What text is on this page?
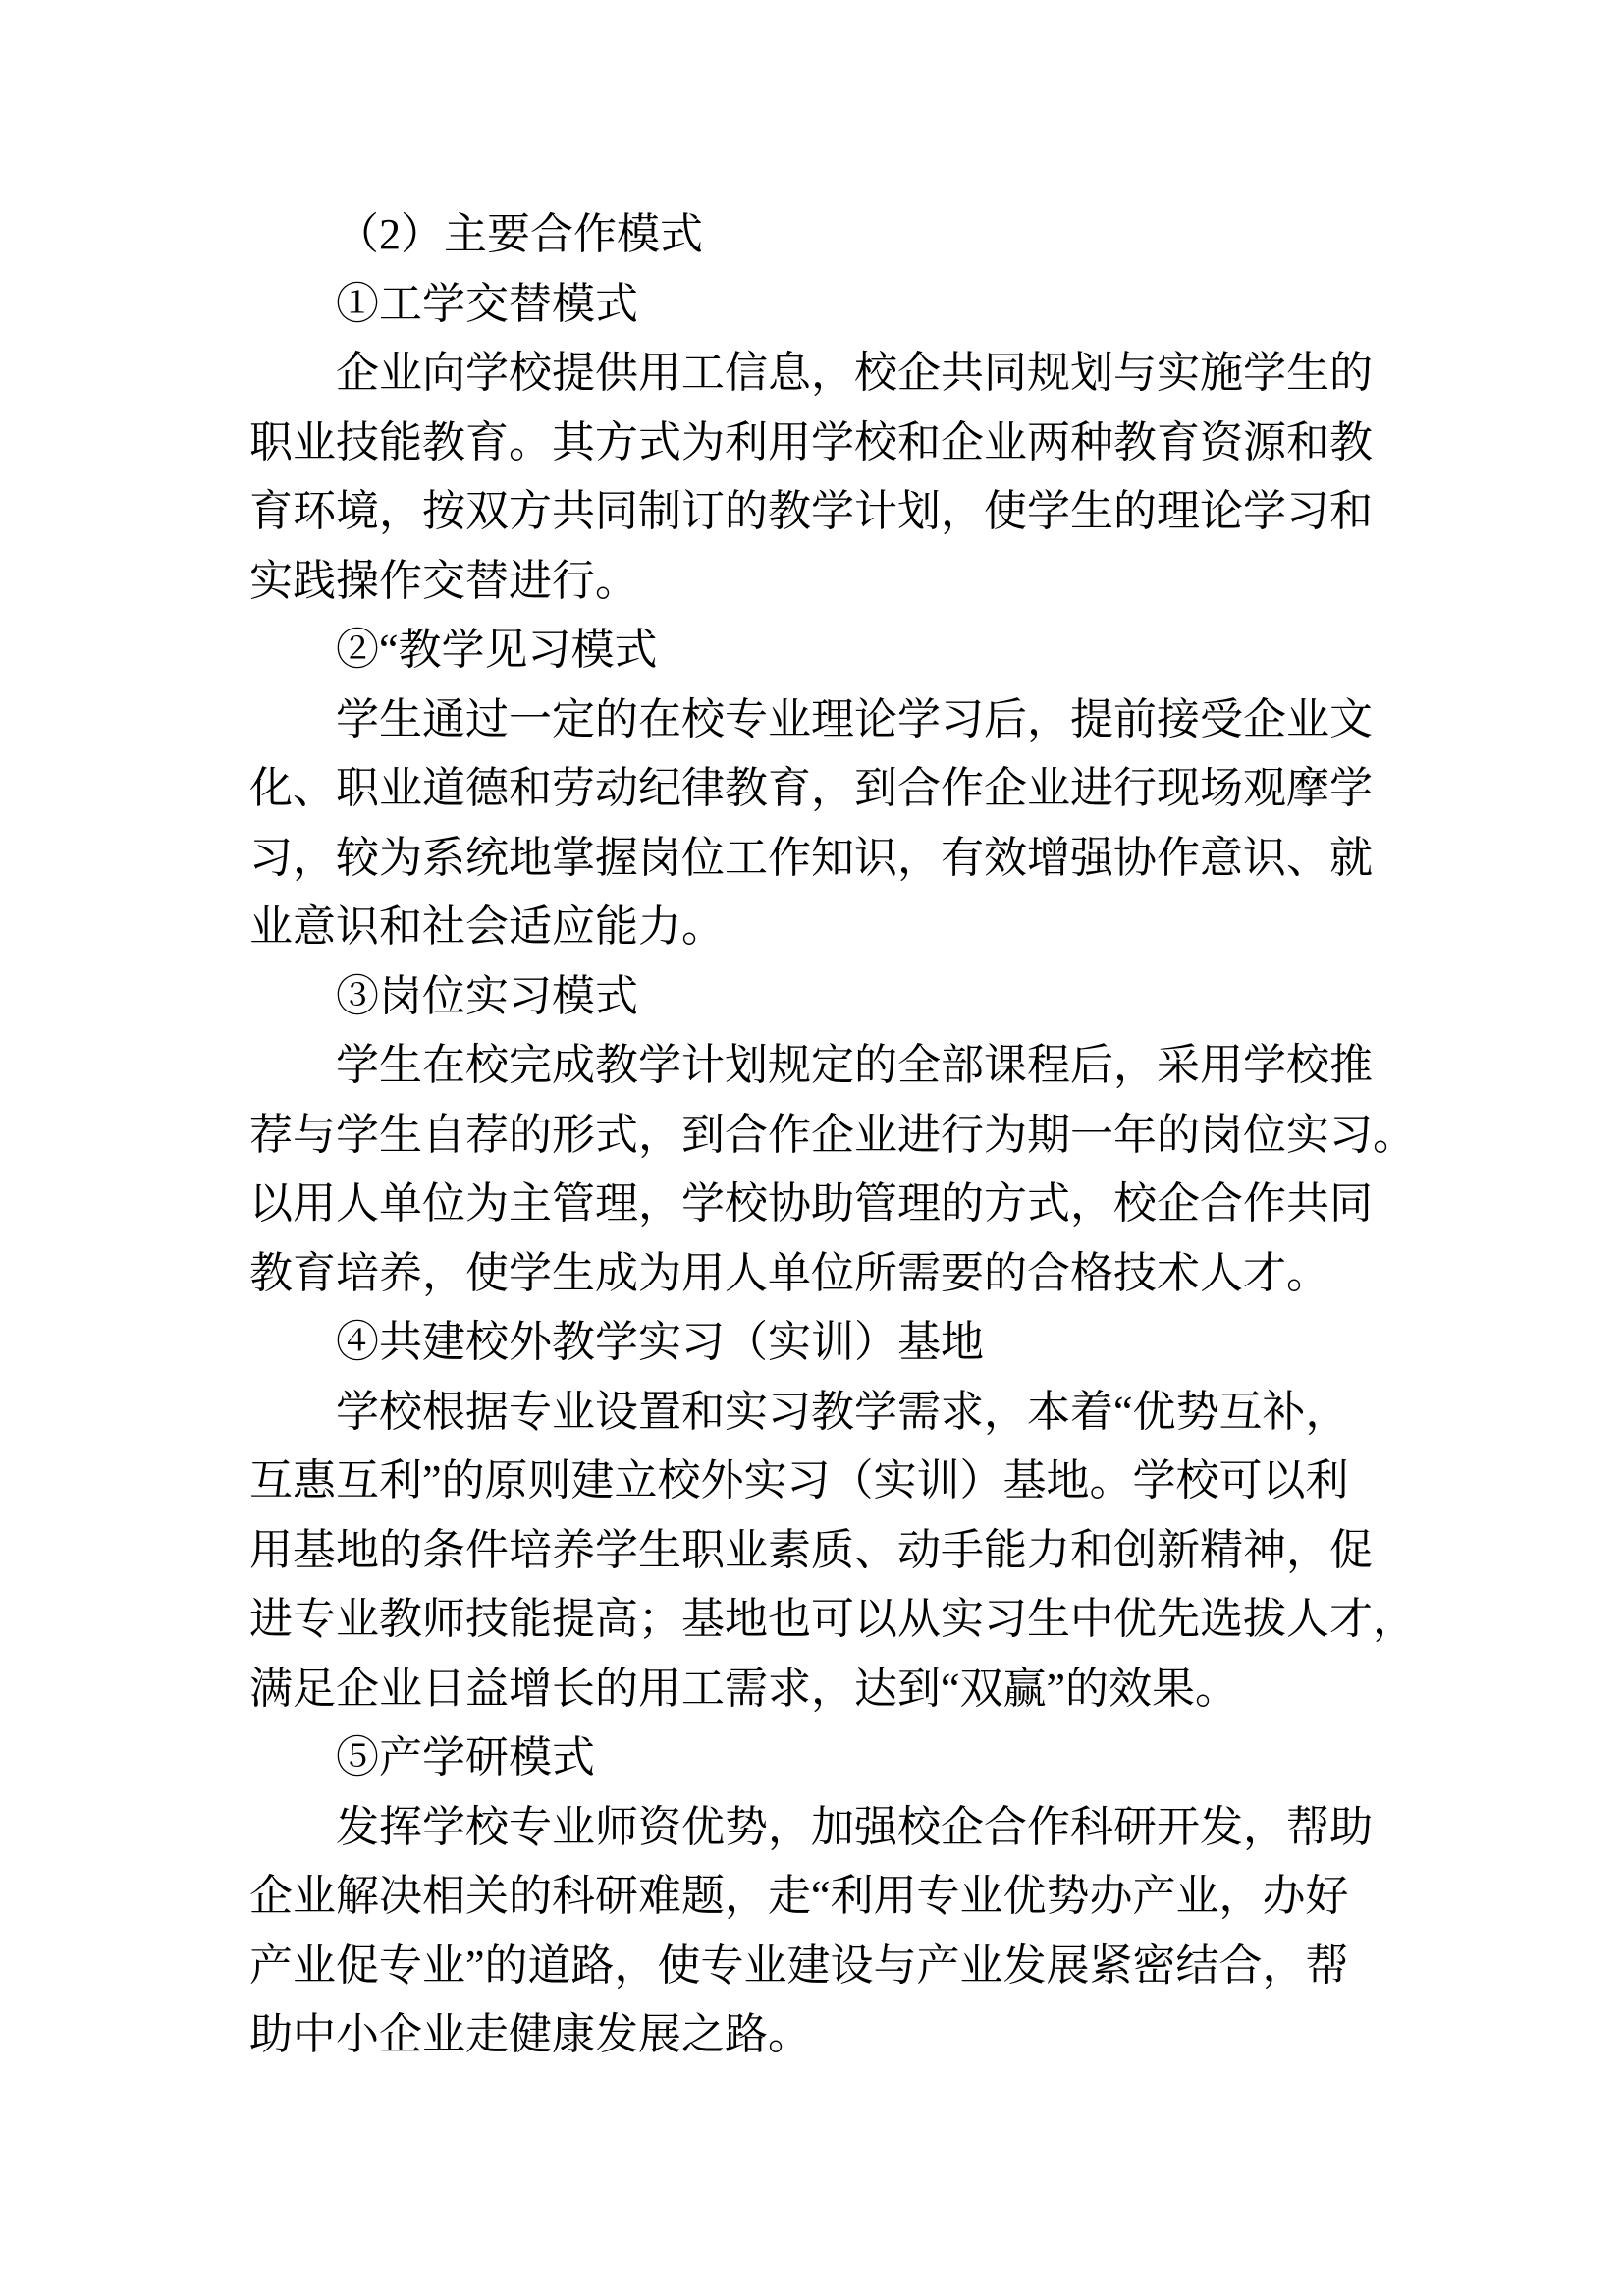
（2）主要合作模式
①工学交替模式
企业向学校提供用工信息，校企共同规划与实施学生的
职业技能教育。其方式为利用学校和企业两种教育资源和教
育环境，按双方共同制订的教学计划，使学生的理论学习和
实践操作交替进行。
②“教学见习模式
学生通过一定的在校专业理论学习后，提前接受企业文
化、职业道德和劳动纪律教育，到合作企业进行现场观摩学
习，较为系统地掌握岗位工作知识，有效增强协作意识、就
业意识和社会适应能力。
③岗位实习模式
学生在校完成教学计划规定的全部课程后，采用学校推
荐与学生自荐的形式，到合作企业进行为期一年的岗位实习。
以用人单位为主管理，学校协助管理的方式，校企合作共同
教育培养，使学生成为用人单位所需要的合格技术人才。
④共建校外教学实习（实训）基地
学校根据专业设置和实习教学需求，本着“优势互补，
互惠互利”的原则建立校外实习（实训）基地。学校可以利
用基地的条件培养学生职业素质、动手能力和创新精神，促
进专业教师技能提高；基地也可以从实习生中优先选拔人才，
满足企业日益增长的用工需求，达到“双赢”的效果。
⑤产学研模式
发挥学校专业师资优势，加强校企合作科研开发，帮助
企业解决相关的科研难题，走“利用专业优势办产业，办好
产业促专业”的道路，使专业建设与产业发展紧密结合，帮
助中小企业走健康发展之路。
